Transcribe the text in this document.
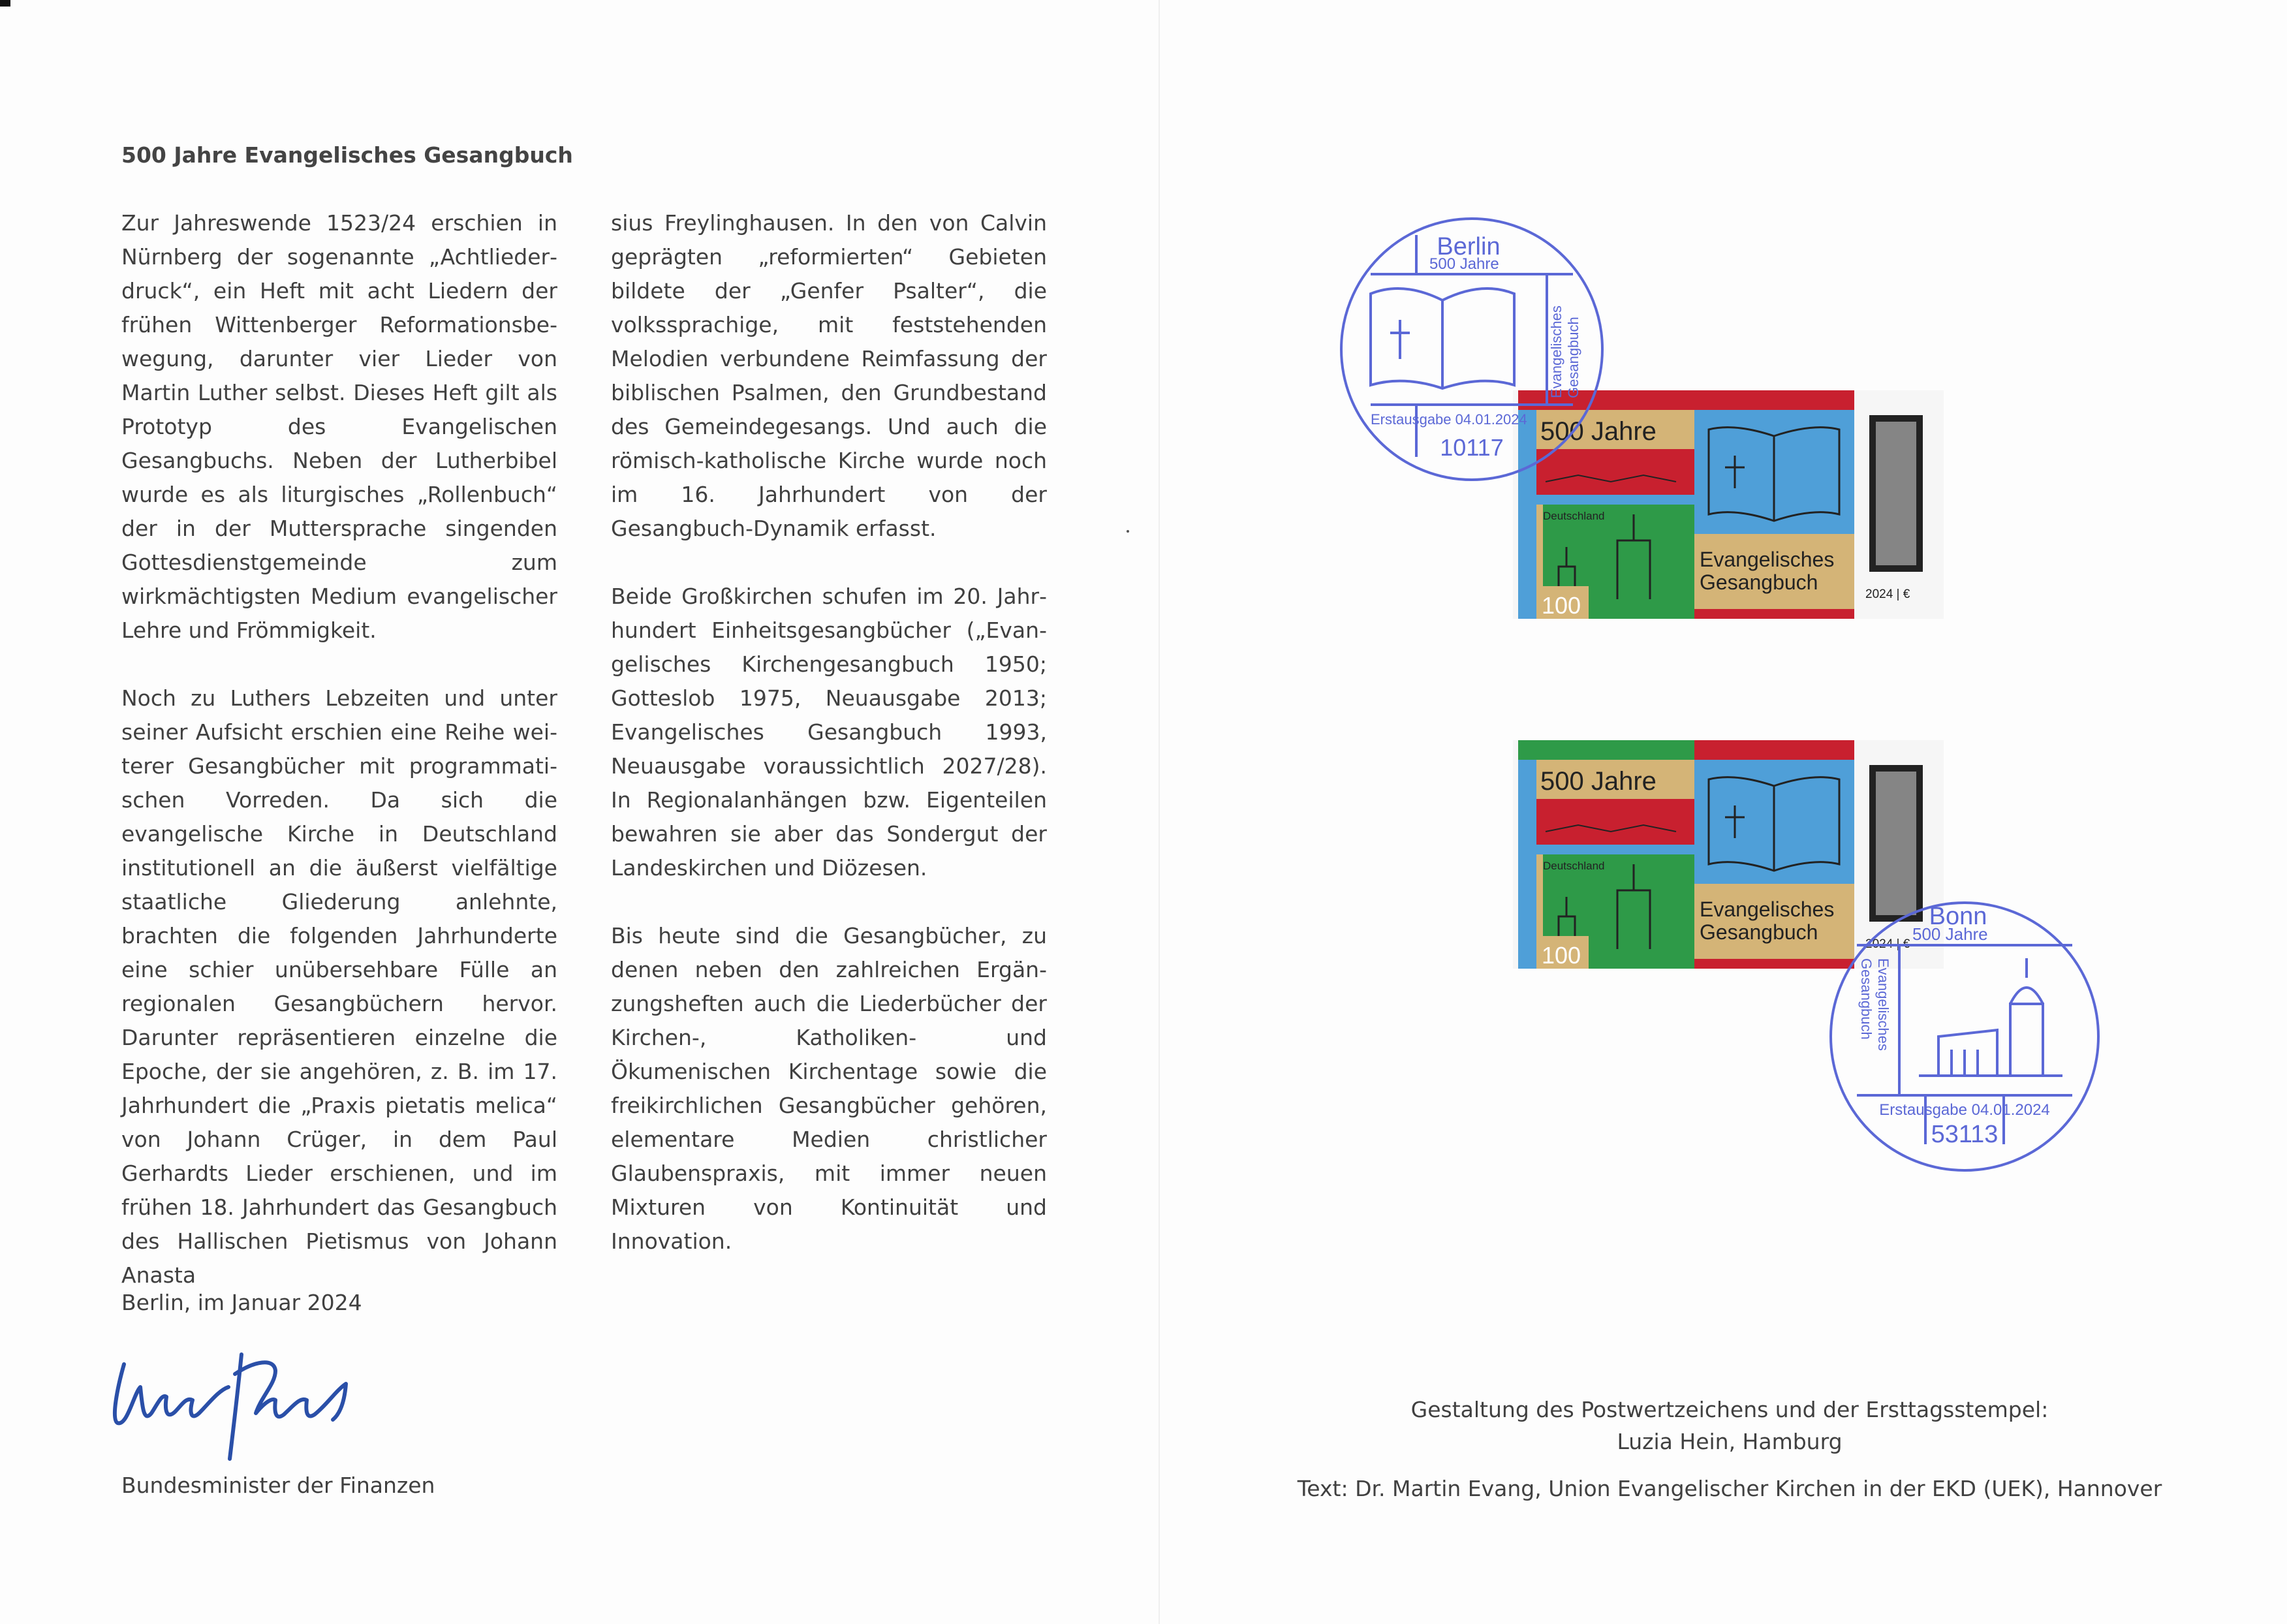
500 Jahre Evangelisches Gesangbuch

Zur Jahreswende 1523/24 erschien in Nürnberg der sogenannte „Achtliederdruck“, ein Heft mit acht Liedern der frühen Wittenberger Reformationsbewegung, darunter vier Lieder von Martin Luther selbst. Dieses Heft gilt als Prototyp des Evangelischen Gesangbuchs. Neben der Lutherbibel wurde es als liturgisches „Rollenbuch“ der in der Muttersprache singenden Gottesdienstgemeinde zum wirkmächtigsten Medium evangelischer Lehre und Frömmigkeit.

Noch zu Luthers Lebzeiten und unter seiner Aufsicht erschien eine Reihe weiterer Gesangbücher mit programmatischen Vorreden. Da sich die evangelische Kirche in Deutschland institutionell an die äußerst vielfältige staatliche Gliederung anlehnte, brachten die folgenden Jahrhunderte eine schier unübersehbare Fülle an regionalen Gesangbüchern hervor. Darunter repräsentieren einzelne die Epoche, der sie angehören, z. B. im 17. Jahrhundert die „Praxis pietatis melica“ von Johann Crüger, in dem Paul Gerhardts Lieder erschienen, und im frühen 18. Jahrhundert das Gesangbuch des Hallischen Pietismus von Johann Anasta

sius Freylinghausen. In den von Calvin geprägten „reformierten“ Gebieten bildete der „Genfer Psalter“, die volkssprachige, mit feststehenden Melodien verbundene Reimfassung der biblischen Psalmen, den Grundbestand des Gemeindegesangs. Und auch die römisch-katholische Kirche wurde noch im 16. Jahrhundert von der Gesangbuch-Dynamik erfasst.

Beide Großkirchen schufen im 20. Jahrhundert Einheitsgesangbücher („Evangelisches Kirchengesangbuch 1950; Gotteslob 1975, Neuausgabe 2013; Evangelisches Gesangbuch 1993, Neuausgabe voraussichtlich 2027/28). In Regionalanhängen bzw. Eigenteilen bewahren sie aber das Sondergut der Landeskirchen und Diözesen.

Bis heute sind die Gesangbücher, zu denen neben den zahlreichen Ergänzungsheften auch die Liederbücher der Kirchen-, Katholiken- und Ökumenischen Kirchentage sowie die freikirchlichen Gesangbücher gehören, elementare Medien christlicher Glaubenspraxis, mit immer neuen Mixturen von Kontinuität und Innovation.

Berlin, im Januar 2024
Bundesminister der Finanzen
Gestaltung des Postwertzeichens und der Ersttagsstempel:
Luzia Hein, Hamburg
Text: Dr. Martin Evang, Union Evangelischer Kirchen in der EKD (UEK), Hannover
500 Jahre
Deutschland
100
Evangelisches
Gesangbuch
2024 | €
500 Jahre
Deutschland
100
Evangelisches
Gesangbuch
2024 | €
Berlin
500 Jahre
Evangelisches Gesangbuch
Erstausgabe 04.01.2024
10117
Bonn
500 Jahre
Evangelisches
Gesangbuch
Erstausgabe 04.01.2024
53113
